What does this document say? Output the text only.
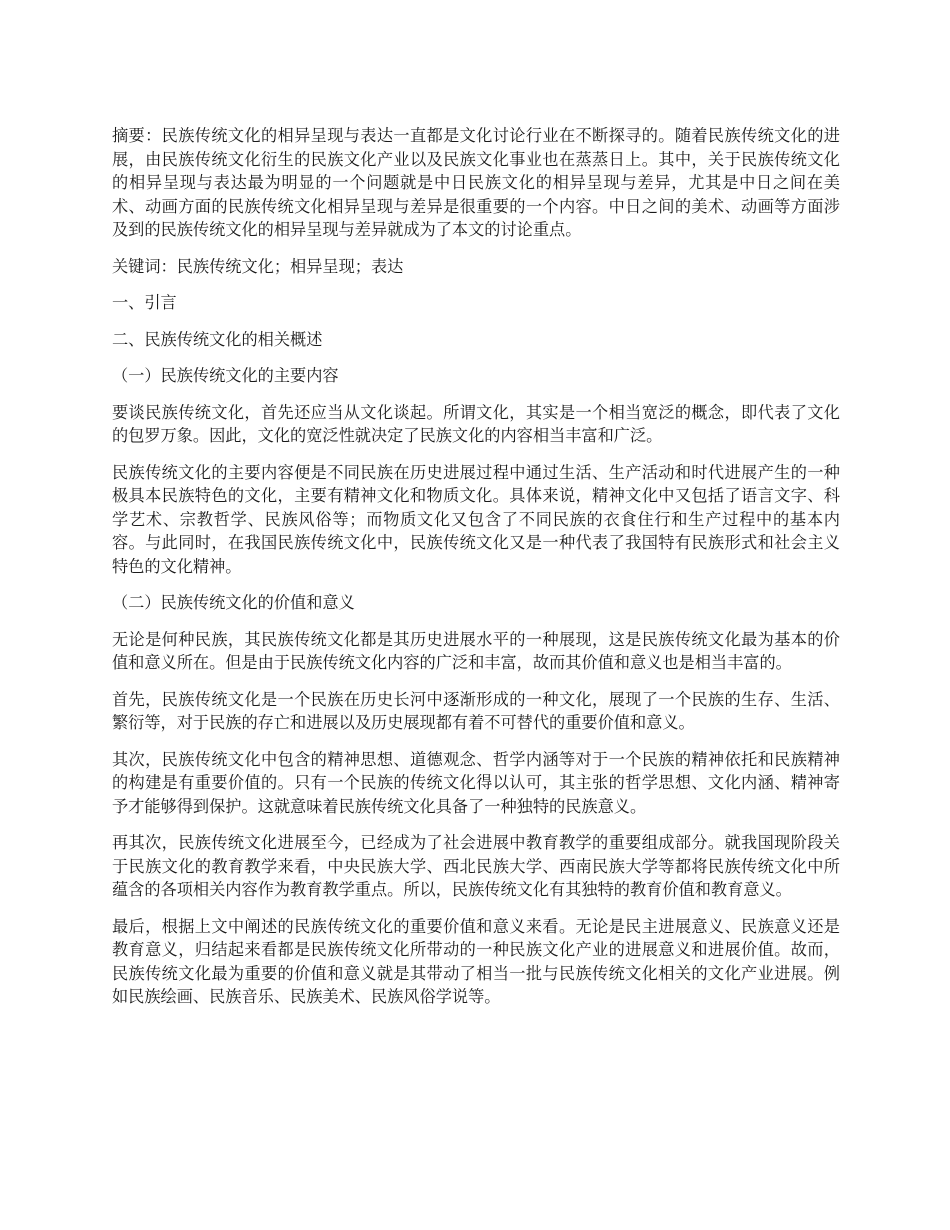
摘要：民族传统文化的相异呈现与表达一直都是文化讨论行业在不断探寻的。随着民族传统文化的进展，由民族传统文化衍生的民族文化产业以及民族文化事业也在蒸蒸日上。其中，关于民族传统文化的相异呈现与表达最为明显的一个问题就是中日民族文化的相异呈现与差异，尤其是中日之间在美术、动画方面的民族传统文化相异呈现与差异是很重要的一个内容。中日之间的美术、动画等方面涉及到的民族传统文化的相异呈现与差异就成为了本文的讨论重点。

关键词：民族传统文化；相异呈现；表达

一、引言

二、民族传统文化的相关概述

（一）民族传统文化的主要内容

要谈民族传统文化，首先还应当从文化谈起。所谓文化，其实是一个相当宽泛的概念，即代表了文化的包罗万象。因此，文化的宽泛性就决定了民族文化的内容相当丰富和广泛。

民族传统文化的主要内容便是不同民族在历史进展过程中通过生活、生产活动和时代进展产生的一种极具本民族特色的文化，主要有精神文化和物质文化。具体来说，精神文化中又包括了语言文字、科学艺术、宗教哲学、民族风俗等；而物质文化又包含了不同民族的衣食住行和生产过程中的基本内容。与此同时，在我国民族传统文化中，民族传统文化又是一种代表了我国特有民族形式和社会主义特色的文化精神。

（二）民族传统文化的价值和意义

无论是何种民族，其民族传统文化都是其历史进展水平的一种展现，这是民族传统文化最为基本的价值和意义所在。但是由于民族传统文化内容的广泛和丰富，故而其价值和意义也是相当丰富的。

首先，民族传统文化是一个民族在历史长河中逐渐形成的一种文化，展现了一个民族的生存、生活、繁衍等，对于民族的存亡和进展以及历史展现都有着不可替代的重要价值和意义。

其次，民族传统文化中包含的精神思想、道德观念、哲学内涵等对于一个民族的精神依托和民族精神的构建是有重要价值的。只有一个民族的传统文化得以认可，其主张的哲学思想、文化内涵、精神寄予才能够得到保护。这就意味着民族传统文化具备了一种独特的民族意义。

再其次，民族传统文化进展至今，已经成为了社会进展中教育教学的重要组成部分。就我国现阶段关于民族文化的教育教学来看，中央民族大学、西北民族大学、西南民族大学等都将民族传统文化中所蕴含的各项相关内容作为教育教学重点。所以，民族传统文化有其独特的教育价值和教育意义。

最后，根据上文中阐述的民族传统文化的重要价值和意义来看。无论是民主进展意义、民族意义还是教育意义，归结起来看都是民族传统文化所带动的一种民族文化产业的进展意义和进展价值。故而，民族传统文化最为重要的价值和意义就是其带动了相当一批与民族传统文化相关的文化产业进展。例如民族绘画、民族音乐、民族美术、民族风俗学说等。
